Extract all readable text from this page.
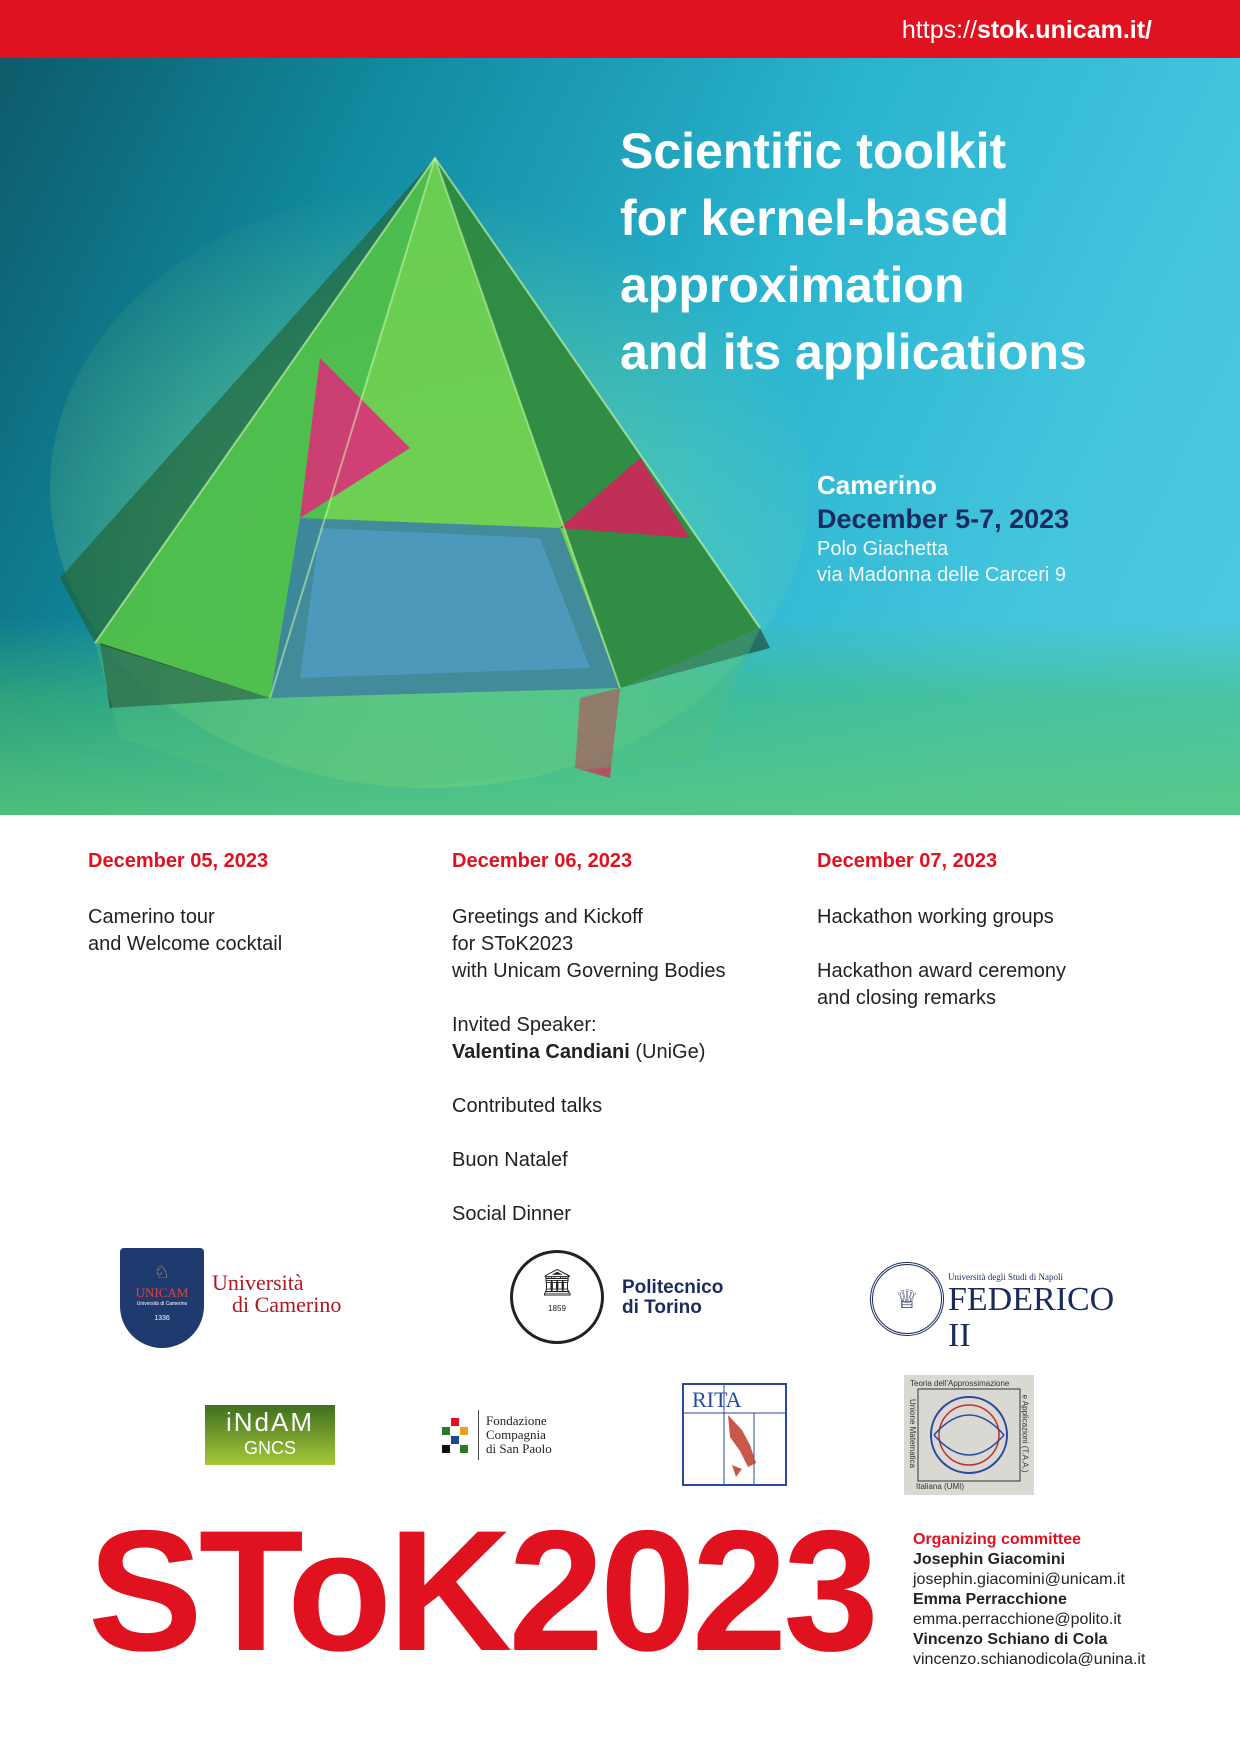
https://stok.unicam.it/
Scientific toolkit
for kernel-based
approximation
and its applications
Camerino
December 5-7, 2023
Polo Giachetta
via Madonna delle Carceri 9

December 05, 2023

Camerino tour
and Welcome cocktail

December 06, 2023

Greetings and Kickoff
for SToK2023
with Unicam Governing Bodies

Invited Speaker:
Valentina Candiani (UniGe)

Contributed talks

Buon Natalef

Social Dinner

December 07, 2023

Hackathon working groups

Hackathon award ceremony
and closing remarks

♘
UNICAM
Università di Camerino
1336
Università
di Camerino
🏛
1859
Politecnico
di Torino	♕
Università degli Studi di Napoli
FEDERICO II
iNdAM
GNCS
Fondazione
Compagnia
di San Paolo
RITA
Teoria dell'Approssimazione
Italiana (UMI)
Unione Matematica	e Applicazioni (T.A.A.)
SToK2023 Organizing committee
Josephin Giacomini
josephin.giacomini@unicam.it
Emma Perracchione
emma.perracchione@polito.it
Vincenzo Schiano di Cola
vincenzo.schianodicola@unina.it
